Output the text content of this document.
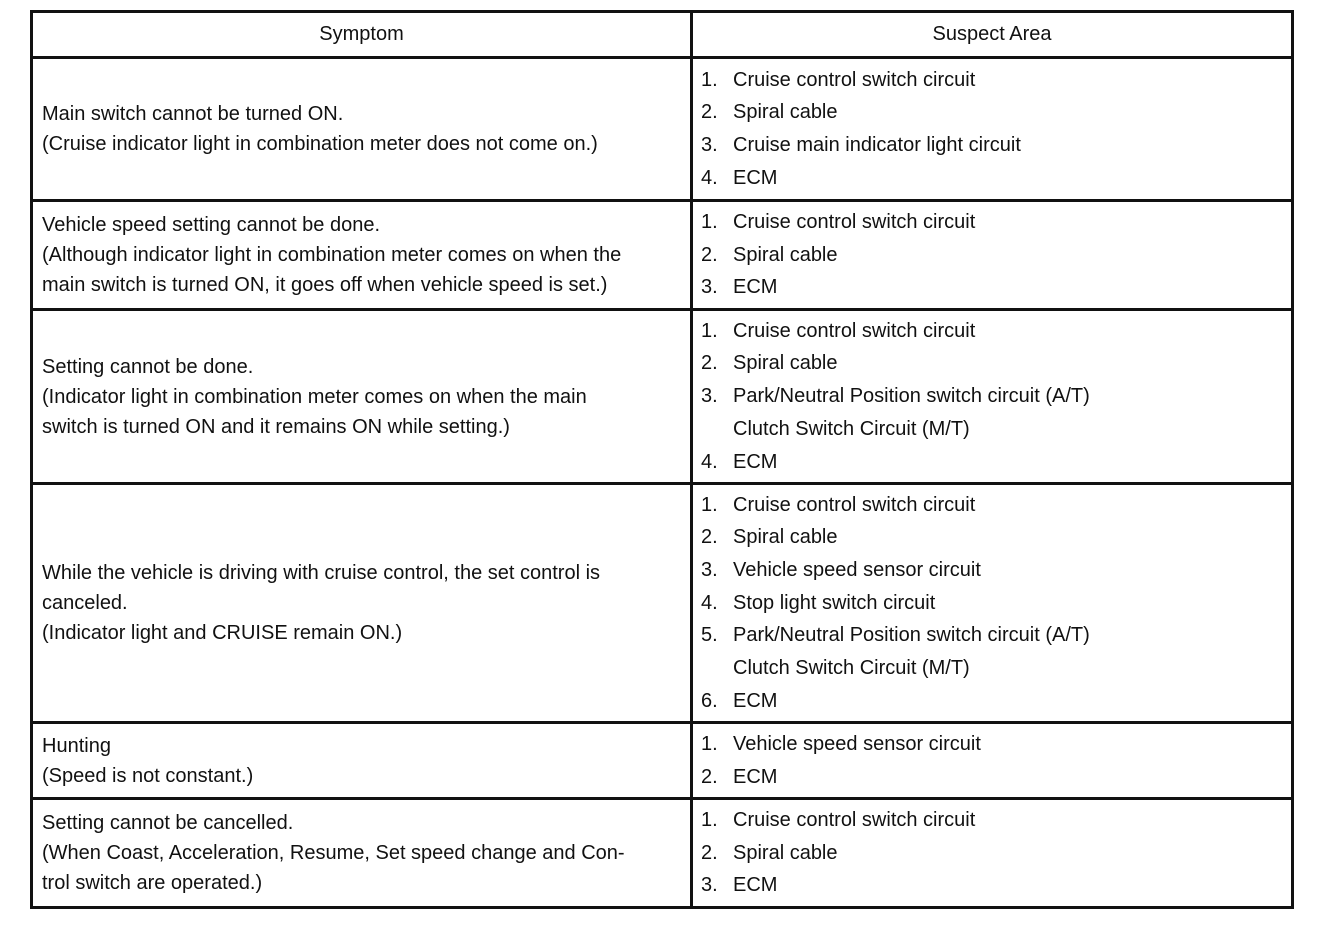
Symptom	Suspect Area
Main switch cannot be turned ON.
(Cruise indicator light in combination meter does not come on.)
1. Cruise control switch circuit
2. Spiral cable
3. Cruise main indicator light circuit
4. ECM
Vehicle speed setting cannot be done.
(Although indicator light in combination meter comes on when the
main switch is turned ON, it goes off when vehicle speed is set.)
1. Cruise control switch circuit
2. Spiral cable
3. ECM
Setting cannot be done.
(Indicator light in combination meter comes on when the main
switch is turned ON and it remains ON while setting.)
1. Cruise control switch circuit
2. Spiral cable
3. Park/Neutral Position switch circuit (A/T)
Clutch Switch Circuit (M/T)
4. ECM
While the vehicle is driving with cruise control, the set control is
canceled.
(Indicator light and CRUISE remain ON.)
1. Cruise control switch circuit
2. Spiral cable
3. Vehicle speed sensor circuit
4. Stop light switch circuit
5. Park/Neutral Position switch circuit (A/T)
Clutch Switch Circuit (M/T)
6. ECM
Hunting
(Speed is not constant.)
1. Vehicle speed sensor circuit
2. ECM
Setting cannot be cancelled.
(When Coast, Acceleration, Resume, Set speed change and Con-
trol switch are operated.)
1. Cruise control switch circuit
2. Spiral cable
3. ECM
